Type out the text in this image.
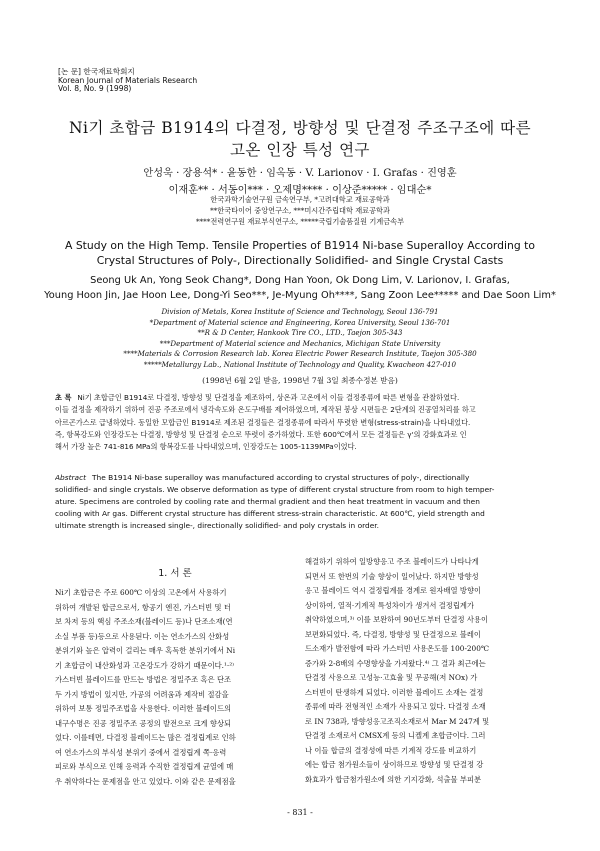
[논 문] 한국재료학회지
Korean Journal of Materials Research
Vol. 8, No. 9 (1998)
Ni기 초합금 B1914의 다결정, 방향성 및 단결정 주조구조에 따른
고온 인장 특성 연구
안성욱 · 장용석* · 윤동한 · 임옥동 · V. Larionov · I. Grafas · 진영훈
이재훈** · 서동이*** · 오제명**** · 이상준***** · 임대순*
한국과학기술연구원 금속연구부, *고려대학교 재료공학과
**한국타이어 중앙연구소, ***미시간주립대학 재료공학과
****전력연구원 재료부식연구소, *****국립기술품질원 기계금속부
A Study on the High Temp. Tensile Properties of B1914 Ni-base Superalloy According to
Crystal Structures of Poly-, Directionally Solidified- and Single Crystal Casts
Seong Uk An, Yong Seok Chang*, Dong Han Yoon, Ok Dong Lim, V. Larionov, I. Grafas,
Young Hoon Jin, Jae Hoon Lee, Dong-Yi Seo***, Je-Myung Oh****, Sang Zoon Lee***** and Dae Soon Lim*
Division of Metals, Korea Institute of Science and Technology, Seoul 136-791
*Department of Material science and Engineering, Korea University, Seoul 136-701
**R & D Center, Hankook Tire CO., LTD., Taejon 305-343
***Department of Material science and Mechanics, Michigan State University
****Materials & Corrosion Research lab. Korea Electric Power Research Institute, Taejon 305-380
*****Metallurgy Lab., National Institute of Technology and Quality, Kwacheon 427-010
(1998년 6월 2일 받음, 1998년 7월 3일 최종수정본 받음)
초 록 Ni기 초합금인 B1914로 다결정, 방향성 및 단결정을 제조하여, 상온과 고온에서 이들 결정종류에 따른 변형을 관찰하였다.
이들 결정을 제작하기 위하여 진공 주조로에서 냉각속도와 온도구배를 제어하였으며, 제작된 봉상 시편들은 2단계의 진공열처리를 하고
아르곤가스로 급냉하였다. 동일한 모합금인 B1914로 제조된 결정들은 결정종류에 따라서 뚜렷한 변형(stress-strain)을 나타내었다.
즉, 항복강도와 인장강도는 다결정, 방향성 및 단결정 순으로 뚜렷이 증가하였다. 또한 600℃에서 모든 결정들은 γ'의 강화효과로 인
해서 가장 높은 741-816 MPa의 항복강도를 나타내었으며, 인장강도는 1005-1139MPa이었다.
Abstract The B1914 Ni-base superalloy was manufactured according to crystal structures of poly-, directionally
solidified- and single crystals. We observe deformation as type of different crystal structure from room to high temper-
ature. Specimens are controled by cooling rate and thermal gradient and then heat treatment in vacuum and then
cooling with Ar gas. Different crystal structure has different stress-strain characteristic. At 600℃, yield strength and
ultimate strength is increased single-, directionally solidified- and poly crystals in order.
1. 서 론
Ni기 초합금은 주로 600℃ 이상의 고온에서 사용하기
위하여 개발된 합금으로서, 항공기 엔진, 가스터빈 및 터
보 차저 등의 핵심 주조소재(블레이드 등)나 단조소재(연
소실 부품 등)등으로 사용된다. 이는 연소가스의 산화성
분위기와 높은 압력이 걸리는 매우 혹독한 분위기에서 Ni
기 초합금이 내산화성과 고온강도가 강하기 때문이다.¹·²⁾
가스터빈 블레이드를 만드는 방법은 정밀주조 혹은 단조
두 가지 방법이 있지만, 가공의 어려움과 제작비 절감을
위하여 보통 정밀주조법을 사용한다. 이러한 블레이드의
내구수명은 진공 정밀주조 공정의 발전으로 크게 향상되
었다. 이를테면, 다결정 블레이드는 많은 결정립계로 인하
여 연소가스의 부식성 분위기 중에서 결정립계 쪽·응력
피로와 부식으로 인해 응력과 수직한 결정립계 균열에 매
우 취약하다는 문제점을 안고 있었다. 이와 같은 문제점을
해결하기 위하여 일방향응고 주조 블레이드가 나타나게
되면서 또 한번의 기술 향상이 일어났다. 하지만 방향성
응고 블레이드 역시 결정립계를 경계로 원자배열 방향이
상이하여, 열적·기계적 특성차이가 생겨서 결정립계가
취약하였으며,³⁾ 이를 보완하여 90년도부터 단결정 사용이
보편화되었다. 즉, 다결정, 방향성 및 단결정으로 블레이
드소재가 발전함에 따라 가스터빈 사용온도를 100-200℃
증가와 2-8배의 수명향상을 가져왔다.⁴⁾ 그 결과 최근에는
단결정 사용으로 고성능·고효율 및 무공해(저 NOx) 가
스터빈이 탄생하게 되었다. 이러한 블레이드 소재는 결정
종류에 따라 전형적인 소재가 사용되고 있다. 다결정 소재
로 IN 738과, 방향성응고조직소재로서 Mar M 247계 및
단결정 소재로서 CMSX계 등의 니켈계 초합금이다. 그러
나 이들 합금의 결정성에 따른 기계적 강도를 비교하기
에는 합금 첨가원소들이 상이하므로 방향성 및 단결정 강
화효과가 합금첨가원소에 의한 기지강화, 석출물 부피분
- 831 -
